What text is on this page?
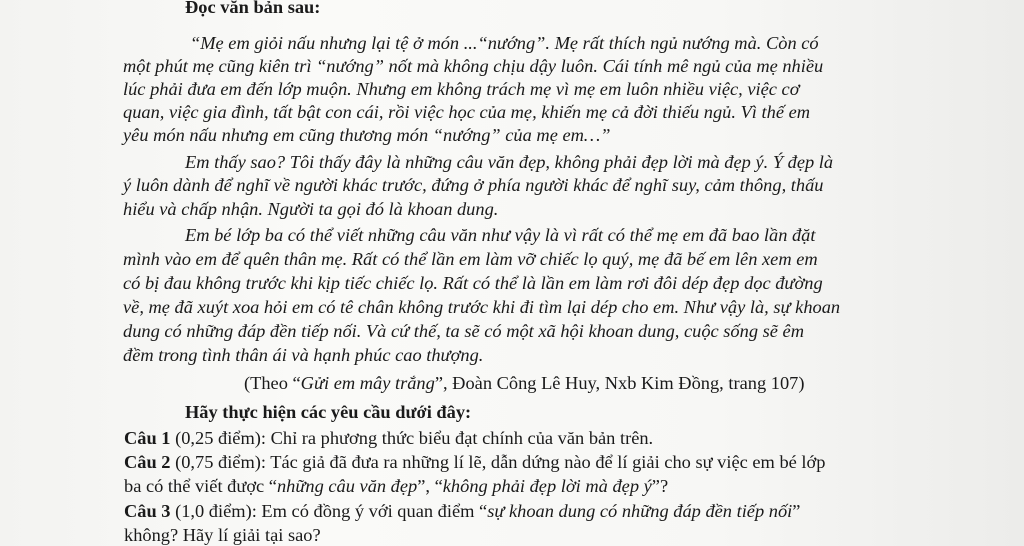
Đọc văn bản sau:
“Mẹ em giỏi nấu nhưng lại tệ ở món ...“nướng”. Mẹ rất thích ngủ nướng mà. Còn có
một phút mẹ cũng kiên trì “nướng” nốt mà không chịu dậy luôn. Cái tính mê ngủ của mẹ nhiều
lúc phải đưa em đến lớp muộn. Nhưng em không trách mẹ vì mẹ em luôn nhiều việc, việc cơ
quan, việc gia đình, tất bật con cái, rồi việc học của mẹ, khiến mẹ cả đời thiếu ngủ. Vì thế em
yêu món nấu nhưng em cũng thương món “nướng” của mẹ em…”
Em thấy sao? Tôi thấy đây là những câu văn đẹp, không phải đẹp lời mà đẹp ý. Ý đẹp là
ý luôn dành để nghĩ về người khác trước, đứng ở phía người khác để nghĩ suy, cảm thông, thấu
hiểu và chấp nhận. Người ta gọi đó là khoan dung.
Em bé lớp ba có thể viết những câu văn như vậy là vì rất có thể mẹ em đã bao lần đặt
mình vào em để quên thân mẹ. Rất có thể lần em làm vỡ chiếc lọ quý, mẹ đã bế em lên xem em
có bị đau không trước khi kịp tiếc chiếc lọ. Rất có thể là lần em làm rơi đôi dép đẹp dọc đường
về, mẹ đã xuýt xoa hỏi em có tê chân không trước khi đi tìm lại dép cho em. Như vậy là, sự khoan
dung có những đáp đền tiếp nối. Và cứ thế, ta sẽ có một xã hội khoan dung, cuộc sống sẽ êm
đềm trong tình thân ái và hạnh phúc cao thượng.
(Theo “Gửi em mây trắng”, Đoàn Công Lê Huy, Nxb Kim Đồng, trang 107)
Hãy thực hiện các yêu cầu dưới đây:
Câu 1 (0,25 điểm): Chỉ ra phương thức biểu đạt chính của văn bản trên.
Câu 2 (0,75 điểm): Tác giả đã đưa ra những lí lẽ, dẫn dứng nào để lí giải cho sự việc em bé lớp
ba có thể viết được “những câu văn đẹp”, “không phải đẹp lời mà đẹp ý”?
Câu 3 (1,0 điểm): Em có đồng ý với quan điểm “sự khoan dung có những đáp đền tiếp nối”
không? Hãy lí giải tại sao?
